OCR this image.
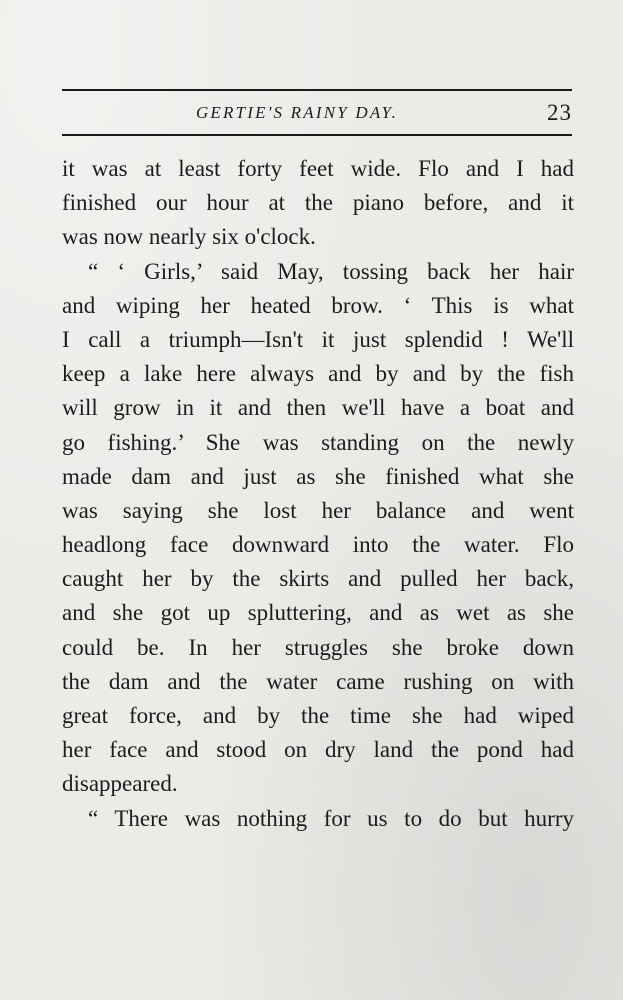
GERTIE'S RAINY DAY.	23
it was at least forty feet wide. Flo and I had
finished our hour at the piano before, and it
was now nearly six o'clock.
“ ‘ Girls,’ said May, tossing back her hair
and wiping her heated brow. ‘ This is what
I call a triumph—Isn't it just splendid ! We'll
keep a lake here always and by and by the fish
will grow in it and then we'll have a boat and
go fishing.’ She was standing on the newly
made dam and just as she finished what she
was saying she lost her balance and went
headlong face downward into the water. Flo
caught her by the skirts and pulled her back,
and she got up spluttering, and as wet as she
could be. In her struggles she broke down
the dam and the water came rushing on with
great force, and by the time she had wiped
her face and stood on dry land the pond had
disappeared.
“ There was nothing for us to do but hurry
